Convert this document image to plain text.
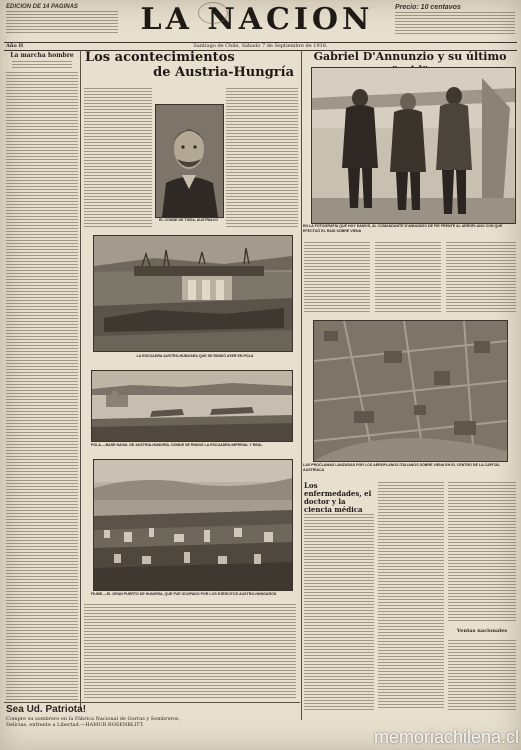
EDICION DE 14 PAGINAS	LA NACION	Precio: 10 centavos
Año II	Santiago de Chile, Sábado 7 de Septiembre de 1918.
La marcha hombre
Sea Ud. Patriota!
Compre su sombrero en la Fábrica Nacional de Gorras y Sombreros, Delicias, enfrente a Libertad.—HAMUR ROSENBLITT.
Los acontecimientos
de Austria-Hungría
EL CONDE DE TISZA, AUSTRIACO
LA ESCUADRA AUSTRO-HÚNGARA QUE SE RINDIÓ AYER EN POLA
POLA.—BASE NAVAL DE AUSTRIA-HUNGRÍA, DONDE SE RINDIÓ LA ESCUADRA IMPERIAL Y REAL
FIUME.—EL GRAN PUERTO DE HUNGRÍA, QUE FUE OCUPADO POR LOS EJÉRCITOS AUSTRO-HÚNGAROS
Gabriel D'Annunzio y su último
EN LA FOTOGRAFÍA QUE HOY DAMOS, AL COMANDANTE D'ANNUNZIO DE PIE FRENTE AL AEROPLANO CON QUE EFECTUÓ EL RAID SOBRE VIENA
LAS PROCLAMAS LANZADAS POR LOS AEROPLANOS ITALIANOS SOBRE VIENA EN EL CENTRO DE LA CAPITAL AUSTRÍACA
Los enfermedades, el doctor y la ciencia médica
Ventas nacionales
memoriachilena.cl
